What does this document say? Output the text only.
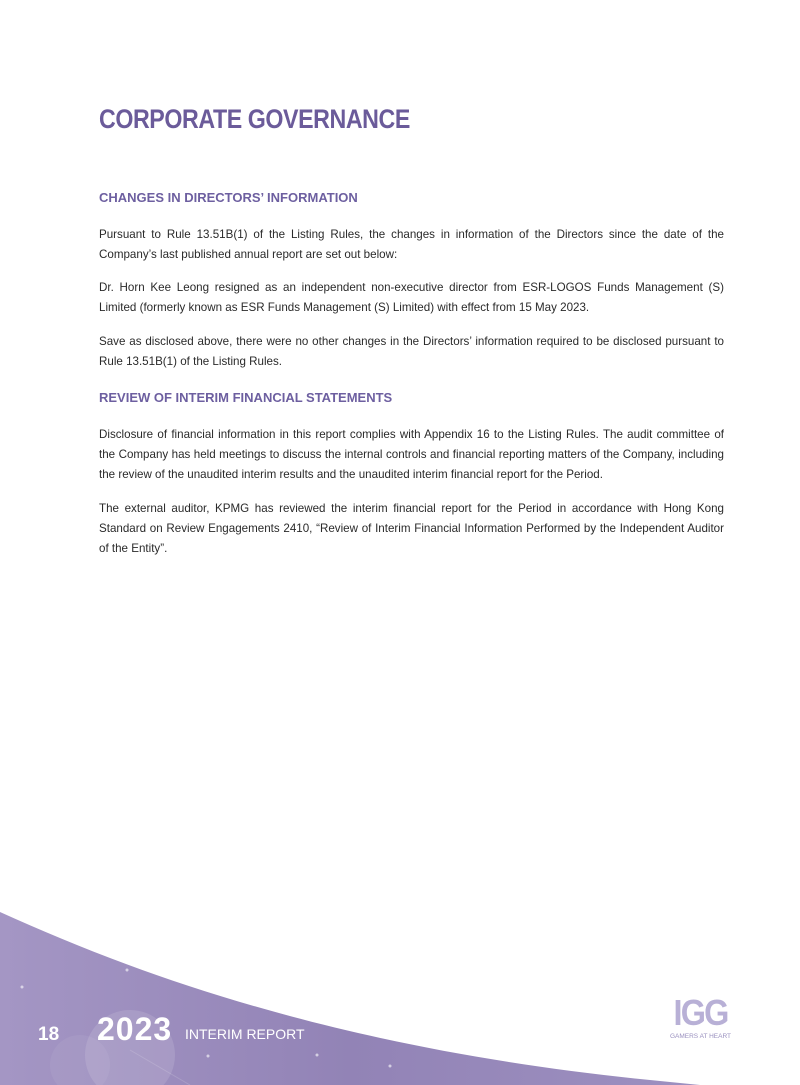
CORPORATE GOVERNANCE
CHANGES IN DIRECTORS’ INFORMATION

Pursuant to Rule 13.51B(1) of the Listing Rules, the changes in information of the Directors since the date of the Company’s last published annual report are set out below:

Dr. Horn Kee Leong resigned as an independent non-executive director from ESR-LOGOS Funds Management (S) Limited (formerly known as ESR Funds Management (S) Limited) with effect from 15 May 2023.

Save as disclosed above, there were no other changes in the Directors’ information required to be disclosed pursuant to Rule 13.51B(1) of the Listing Rules.

REVIEW OF INTERIM FINANCIAL STATEMENTS

Disclosure of financial information in this report complies with Appendix 16 to the Listing Rules. The audit committee of the Company has held meetings to discuss the internal controls and financial reporting matters of the Company, including the review of the unaudited interim results and the unaudited interim financial report for the Period.

The external auditor, KPMG has reviewed the interim financial report for the Period in accordance with Hong Kong Standard on Review Engagements 2410, “Review of Interim Financial Information Performed by the Independent Auditor of the Entity”.

18 2023 INTERIM REPORT
IGG
GAMERS AT HEART
